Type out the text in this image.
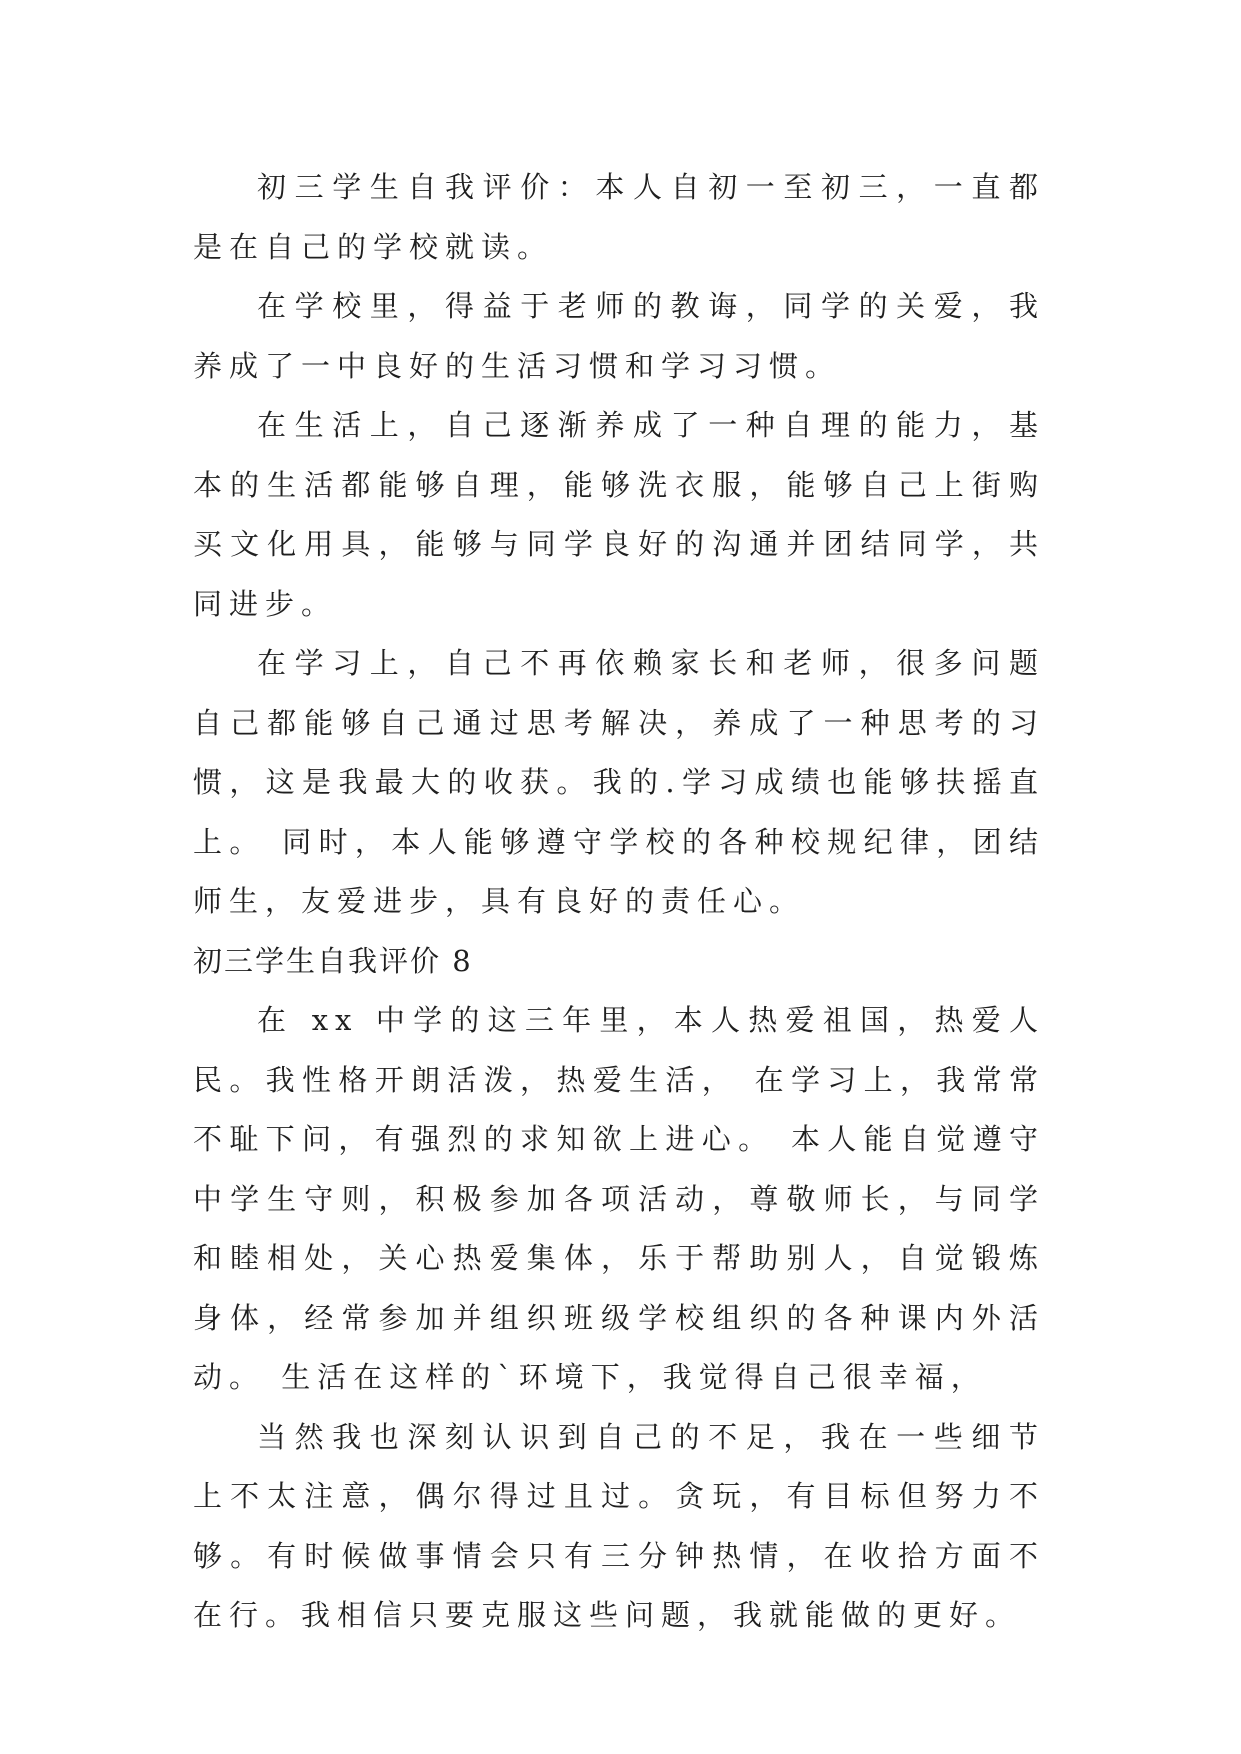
初三学生自我评价：本人自初一至初三，一直都是在自己的学校就读。

在学校里，得益于老师的教诲，同学的关爱，我养成了一中良好的生活习惯和学习习惯。

在生活上，自己逐渐养成了一种自理的能力，基本的生活都能够自理，能够洗衣服，能够自己上街购买文化用具，能够与同学良好的沟通并团结同学，共同进步。

在学习上，自己不再依赖家长和老师，很多问题自己都能够自己通过思考解决，养成了一种思考的习惯，这是我最大的收获。我的.学习成绩也能够扶摇直上。 同时，本人能够遵守学校的各种校规纪律，团结师生，友爱进步，具有良好的责任心。

初三学生自我评价 8

在 xx 中学的这三年里，本人热爱祖国，热爱人民。我性格开朗活泼，热爱生活， 在学习上，我常常不耻下问，有强烈的求知欲上进心。 本人能自觉遵守中学生守则，积极参加各项活动，尊敬师长，与同学和睦相处，关心热爱集体，乐于帮助别人，自觉锻炼身体，经常参加并组织班级学校组织的各种课内外活动。 生活在这样的`环境下，我觉得自己很幸福，

当然我也深刻认识到自己的不足，我在一些细节上不太注意，偶尔得过且过。贪玩，有目标但努力不够。有时候做事情会只有三分钟热情，在收拾方面不在行。我相信只要克服这些问题，我就能做的更好。
